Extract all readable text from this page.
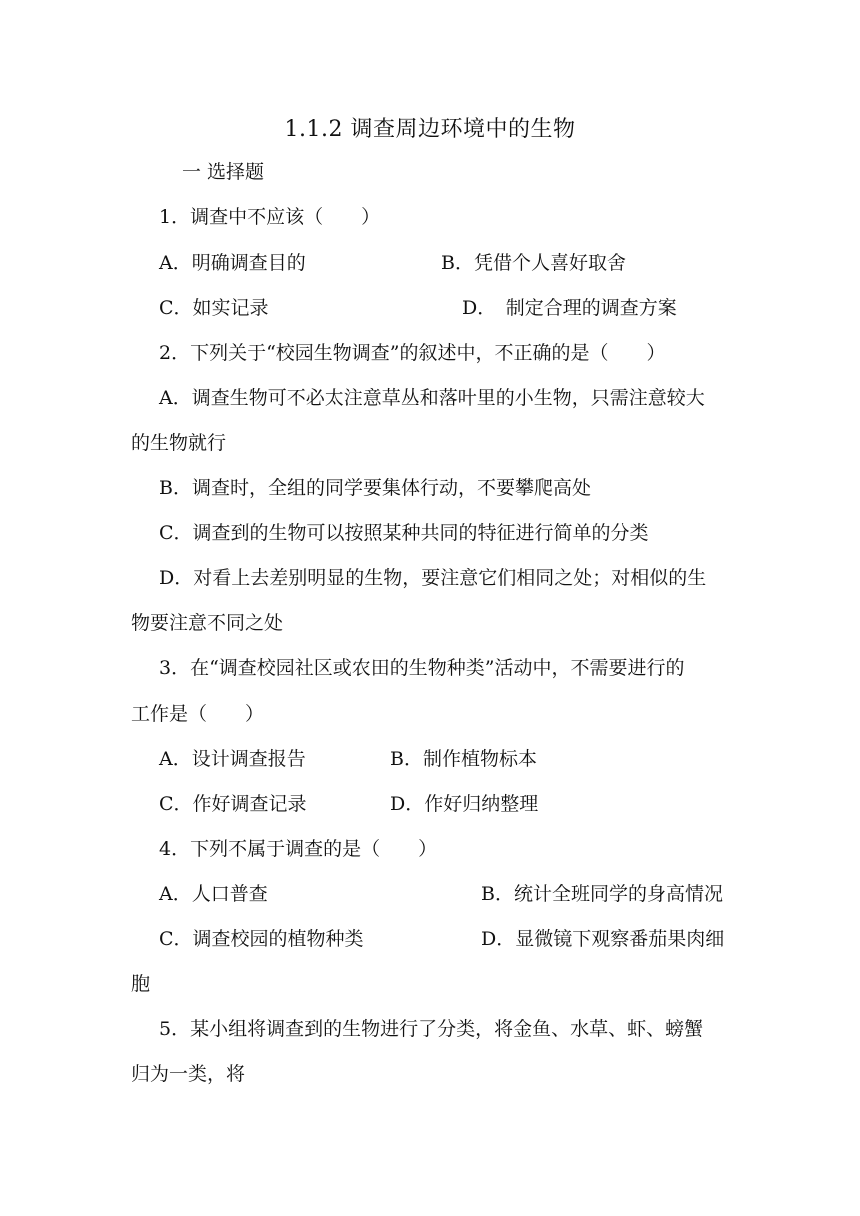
1.1.2 调查周边环境中的生物
一 选择题
1．调查中不应该（　　）
A．明确调查目的	B．凭借个人喜好取舍
C．如实记录	D．　制定合理的调查方案
2．下列关于“校园生物调查”的叙述中，不正确的是（　　）
A．调查生物可不必太注意草丛和落叶里的小生物，只需注意较大
的生物就行
B．调查时，全组的同学要集体行动，不要攀爬高处
C．调查到的生物可以按照某种共同的特征进行简单的分类
D．对看上去差别明显的生物，要注意它们相同之处；对相似的生
物要注意不同之处
3．在“调查校园社区或农田的生物种类”活动中，不需要进行的
工作是（　　）
A．设计调查报告	B．制作植物标本
C．作好调查记录	D．作好归纳整理
4．下列不属于调查的是（　　）
A．人口普查	B．统计全班同学的身高情况
C．调查校园的植物种类	D．显微镜下观察番茄果肉细
胞
5．某小组将调查到的生物进行了分类，将金鱼、水草、虾、螃蟹
归为一类，将
